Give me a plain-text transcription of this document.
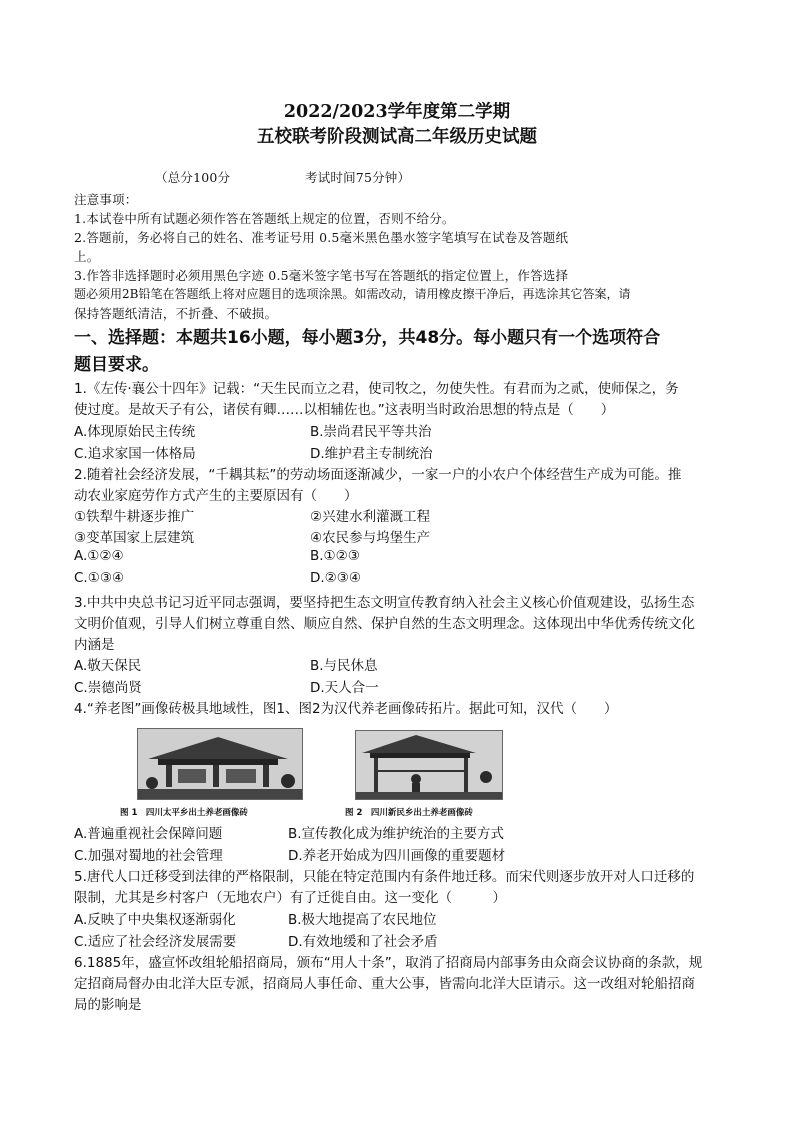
2022/2023学年度第二学期
五校联考阶段测试高二年级历史试题
（总分100分	考试时间75分钟）
注意事项：
1.本试卷中所有试题必须作答在答题纸上规定的位置，否则不给分。
2.答题前，务必将自己的姓名、准考证号用 0.5毫米黑色墨水签字笔填写在试卷及答题纸
上。
3.作答非选择题时必须用黑色字迹 0.5毫米签字笔书写在答题纸的指定位置上，作答选择
题必须用2B铅笔在答题纸上将对应题目的选项涂黑。如需改动，请用橡皮擦干净后，再选涂其它答案，请
保持答题纸清洁，不折叠、不破损。
一、选择题：本题共16小题，每小题3分，共48分。每小题只有一个选项符合
题目要求。
1.《左传·襄公十四年》记载：“天生民而立之君，使司牧之，勿使失性。有君而为之贰，使师保之，务
使过度。是故天子有公，诸侯有卿……以相辅佐也。”这表明当时政治思想的特点是（　　）
A.体现原始民主传统	B.崇尚君民平等共治
C.追求家国一体格局	D.维护君主专制统治
2.随着社会经济发展，“千耦其耘”的劳动场面逐渐减少，一家一户的小农户个体经营生产成为可能。推
动农业家庭劳作方式产生的主要原因有（　　）
①铁犁牛耕逐步推广	②兴建水利灌溉工程
③变革国家上层建筑	④农民参与坞堡生产
A.①②④	B.①②③
C.①③④	D.②③④
3.中共中央总书记习近平同志强调，要坚持把生态文明宣传教育纳入社会主义核心价值观建设，弘扬生态
文明价值观，引导人们树立尊重自然、顺应自然、保护自然的生态文明理念。这体现出中华优秀传统文化
内涵是
A.敬天保民	B.与民休息
C.崇德尚贤	D.天人合一
4.“养老图”画像砖极具地域性，图1、图2为汉代养老画像砖拓片。据此可知，汉代（　　）
图 1　四川太平乡出土养老画像砖	图 2　四川新民乡出土养老画像砖
A.普遍重视社会保障问题	B.宣传教化成为维护统治的主要方式
C.加强对蜀地的社会管理	D.养老开始成为四川画像的重要题材
5.唐代人口迁移受到法律的严格限制，只能在特定范围内有条件地迁移。而宋代则逐步放开对人口迁移的
限制，尤其是乡村客户（无地农户）有了迁徙自由。这一变化（　　　）
A.反映了中央集权逐渐弱化	B.极大地提高了农民地位
C.适应了社会经济发展需要	D.有效地缓和了社会矛盾
6.1885年，盛宣怀改组轮船招商局，颁布“用人十条”，取消了招商局内部事务由众商会议协商的条款，规
定招商局督办由北洋大臣专派，招商局人事任命、重大公事，皆需向北洋大臣请示。这一改组对轮船招商
局的影响是
